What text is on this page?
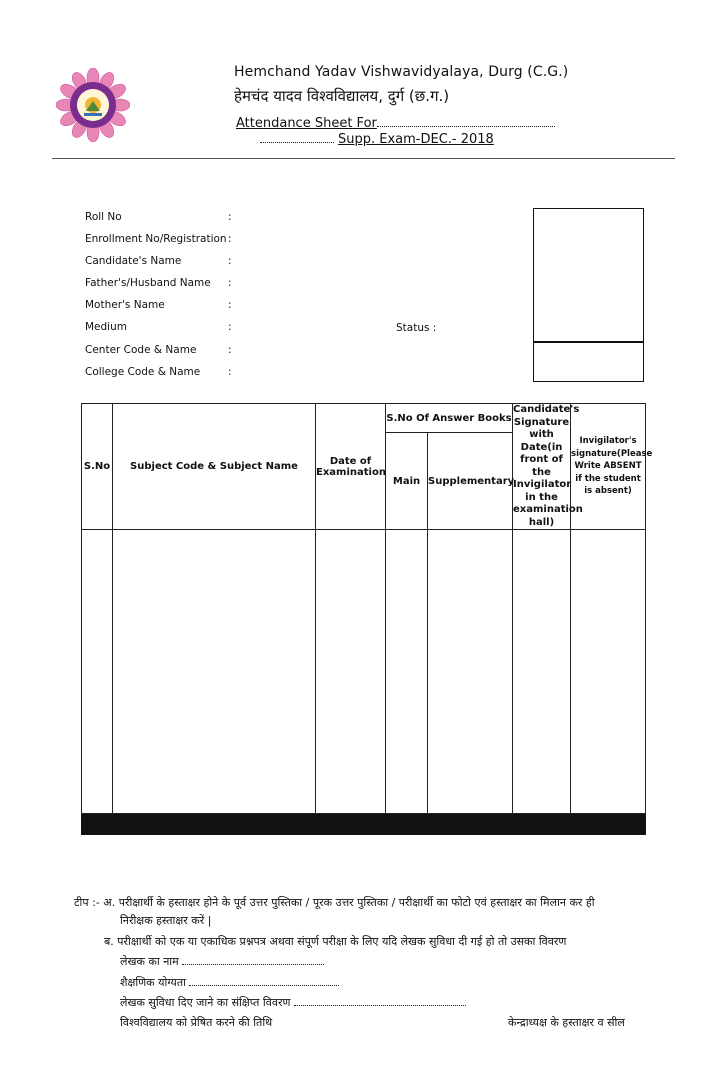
Hemchand Yadav Vishwavidyalaya, Durg (C.G.)
हेमचंद यादव विश्वविद्यालय, दुर्ग (छ.ग.)
Attendance Sheet For
Supp. Exam-DEC.- 2018
Roll No	:
Enrollment No/Registration :
Candidate's Name	:
Father's/Husband Name :
Mother's Name	:
Medium	:
Center Code & Name	:
College Code & Name	:
Status :
S.No	Subject Code & Subject Name	Date of Examination	S.No Of Answer Books		Candidate's Signature with Date(in front of the Invigilator in the examination hall)	Invigilator's signature(Please Write ABSENT if the student is absent)
			Main	Supplementary		

टीप :- अ. परीक्षार्थी के हस्ताक्षर होने के पूर्व उत्तर पुस्तिका / पूरक उत्तर पुस्तिका / परीक्षार्थी का फोटो एवं हस्ताक्षर का मिलान कर ही
निरीक्षक हस्ताक्षर करें |
ब. परीक्षार्थी को एक या एकाधिक प्रश्नपत्र अथवा संपूर्ण परीक्षा के लिए यदि लेखक सुविधा दी गई हो तो उसका विवरण
लेखक का नाम
शैक्षणिक योग्यता
लेखक सुविधा दिए जाने का संक्षिप्त विवरण
विश्वविद्यालय को प्रेषित करने की तिथि	केन्द्राध्यक्ष के हस्ताक्षर व सील
